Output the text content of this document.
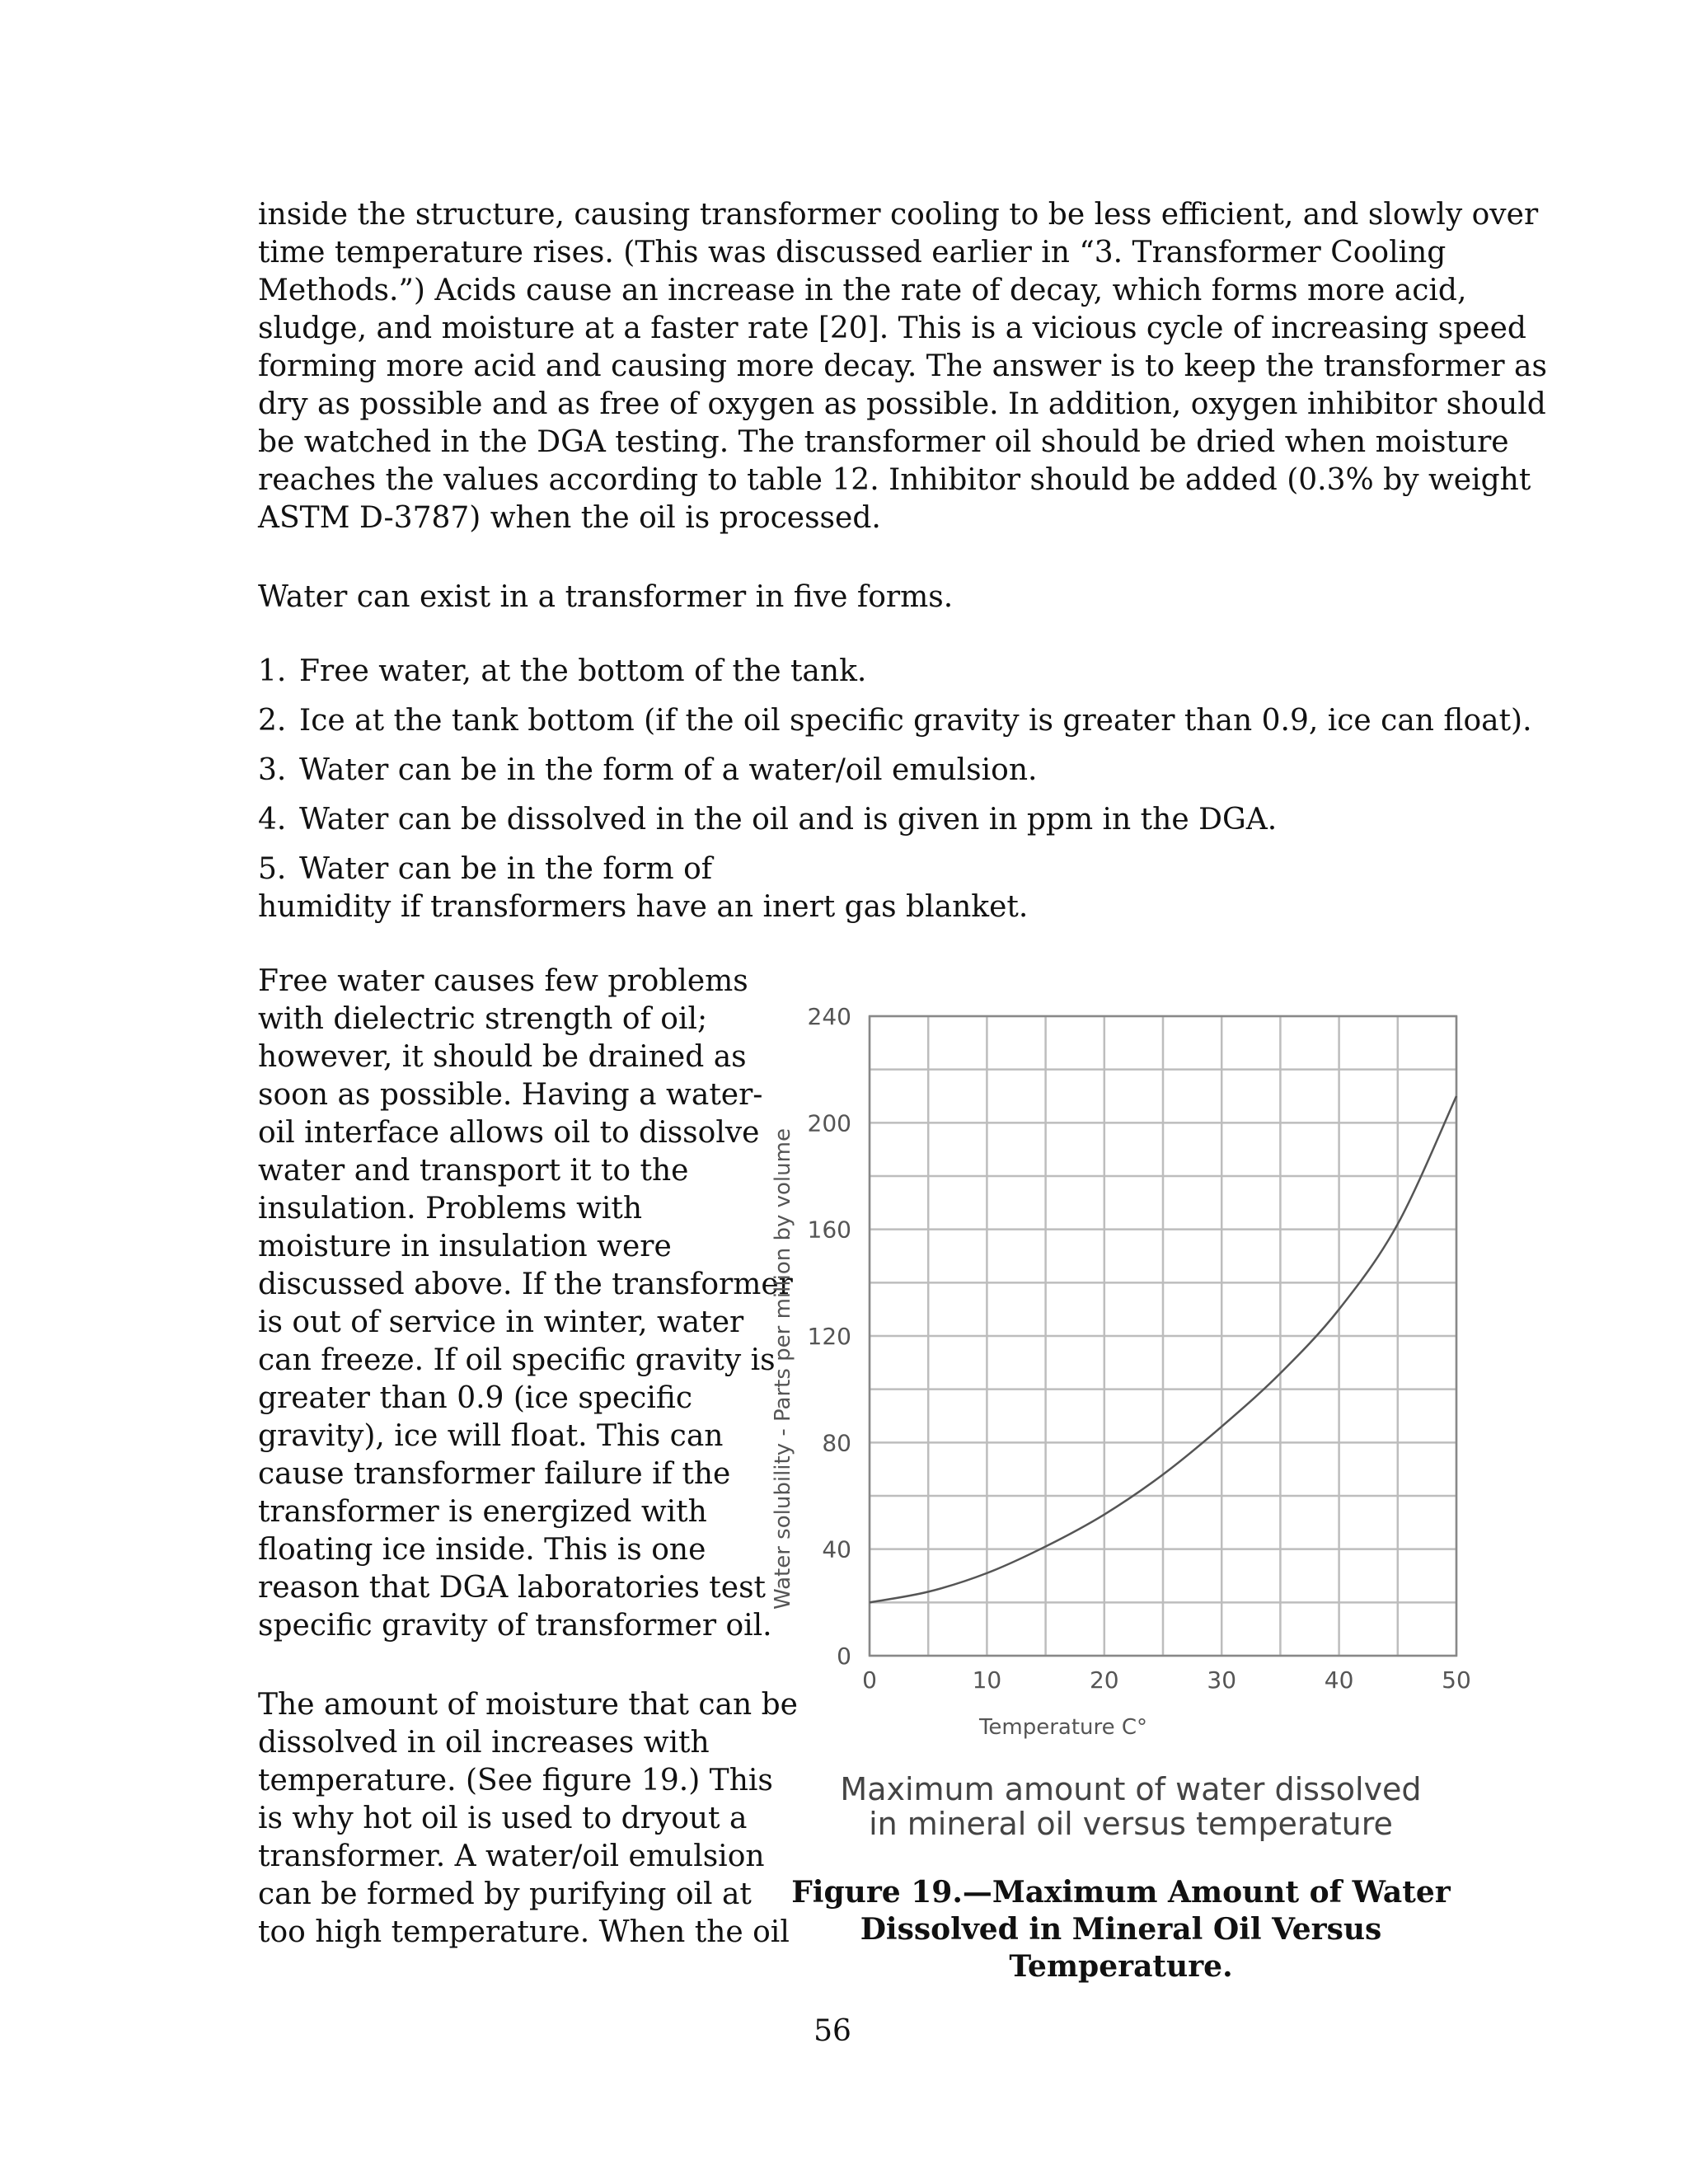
inside the structure, causing transformer cooling to be less efficient, and slowly over
time temperature rises. (This was discussed earlier in “3. Transformer Cooling
Methods.”) Acids cause an increase in the rate of decay, which forms more acid,
sludge, and moisture at a faster rate [20]. This is a vicious cycle of increasing speed
forming more acid and causing more decay. The answer is to keep the transformer as
dry as possible and as free of oxygen as possible. In addition, oxygen inhibitor should
be watched in the DGA testing. The transformer oil should be dried when moisture
reaches the values according to table 12. Inhibitor should be added (0.3% by weight
ASTM D-3787) when the oil is processed.

Water can exist in a transformer in five forms.

1. Free water, at the bottom of the tank.
2. Ice at the tank bottom (if the oil specific gravity is greater than 0.9, ice can float).
3. Water can be in the form of a water/oil emulsion.
4. Water can be dissolved in the oil and is given in ppm in the DGA.
5. Water can be in the form of
humidity if transformers have an inert gas blanket.
Free water causes few problems
with dielectric strength of oil;
however, it should be drained as
soon as possible. Having a water-
oil interface allows oil to dissolve
water and transport it to the
insulation. Problems with
moisture in insulation were
discussed above. If the transformer
is out of service in winter, water
can freeze. If oil specific gravity is
greater than 0.9 (ice specific
gravity), ice will float. This can
cause transformer failure if the
transformer is energized with
floating ice inside. This is one
reason that DGA laboratories test
specific gravity of transformer oil.
The amount of moisture that can be
dissolved in oil increases with
temperature. (See figure 19.) This
is why hot oil is used to dryout a
transformer. A water/oil emulsion
can be formed by purifying oil at
too high temperature. When the oil
0
40
80
120
160
200
240
0	10	20	30	40	50
Temperature C°
Water solubility - Parts per million by volume
Maximum amount of water dissolved
in mineral oil versus temperature
Figure 19.—Maximum Amount of Water
Dissolved in Mineral Oil Versus
Temperature.
56
